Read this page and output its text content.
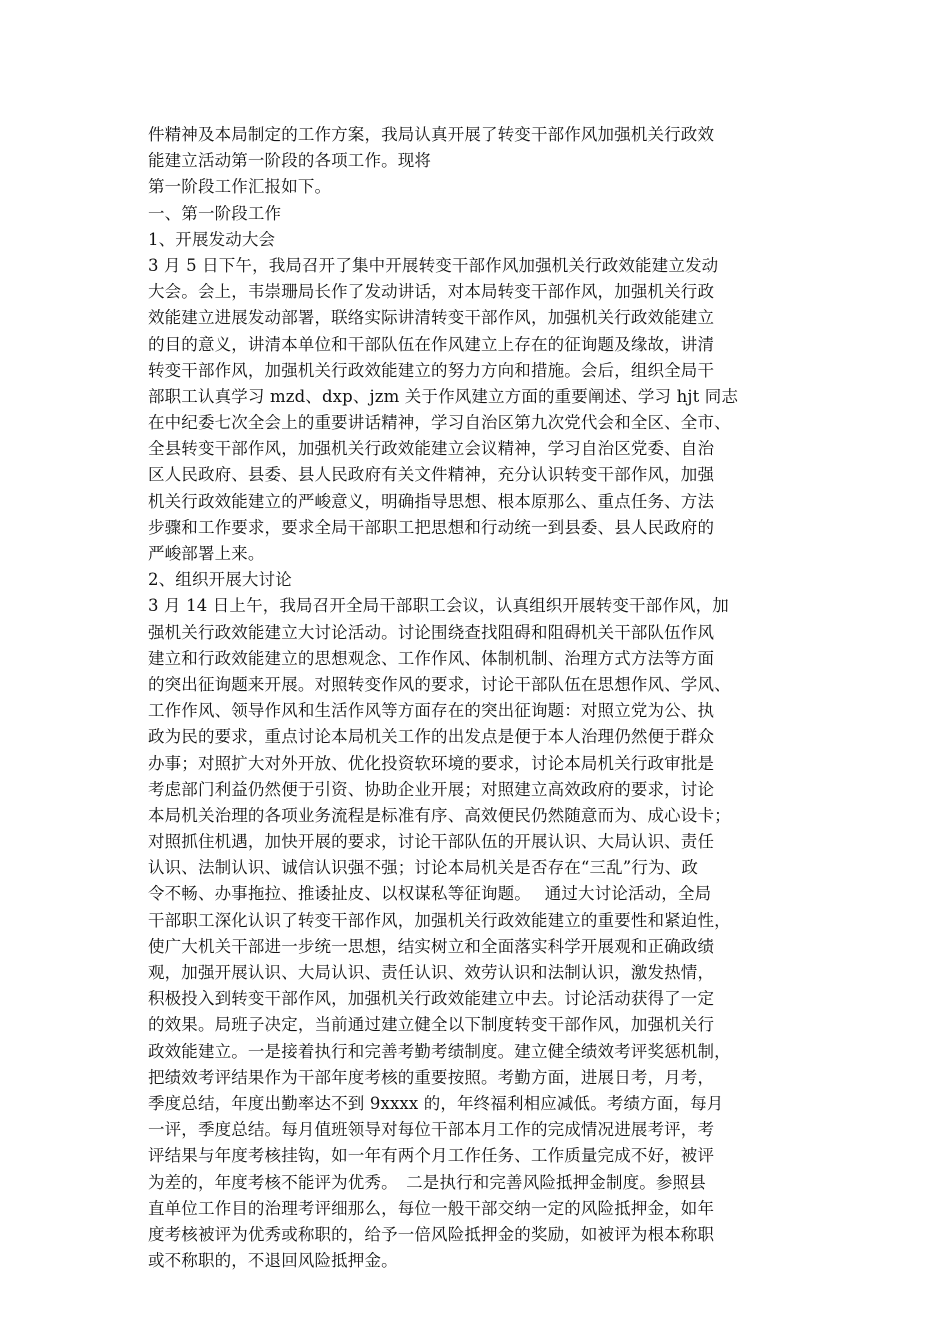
件精神及本局制定的工作方案，我局认真开展了转变干部作风加强机关行政效
能建立活动第一阶段的各项工作。现将
第一阶段工作汇报如下。
一、第一阶段工作
1、开展发动大会
3 月 5 日下午，我局召开了集中开展转变干部作风加强机关行政效能建立发动
大会。会上，韦崇珊局长作了发动讲话，对本局转变干部作风，加强机关行政
效能建立进展发动部署，联络实际讲清转变干部作风，加强机关行政效能建立
的目的意义，讲清本单位和干部队伍在作风建立上存在的征询题及缘故，讲清
转变干部作风，加强机关行政效能建立的努力方向和措施。会后，组织全局干
部职工认真学习 mzd、dxp、jzm 关于作风建立方面的重要阐述、学习 hjt 同志
在中纪委七次全会上的重要讲话精神，学习自治区第九次党代会和全区、全市、
全县转变干部作风，加强机关行政效能建立会议精神，学习自治区党委、自治
区人民政府、县委、县人民政府有关文件精神，充分认识转变干部作风，加强
机关行政效能建立的严峻意义，明确指导思想、根本原那么、重点任务、方法
步骤和工作要求，要求全局干部职工把思想和行动统一到县委、县人民政府的
严峻部署上来。
2、组织开展大讨论
3 月 14 日上午，我局召开全局干部职工会议，认真组织开展转变干部作风，加
强机关行政效能建立大讨论活动。讨论围绕查找阻碍和阻碍机关干部队伍作风
建立和行政效能建立的思想观念、工作作风、体制机制、治理方式方法等方面
的突出征询题来开展。对照转变作风的要求，讨论干部队伍在思想作风、学风、
工作作风、领导作风和生活作风等方面存在的突出征询题：对照立党为公、执
政为民的要求，重点讨论本局机关工作的出发点是便于本人治理仍然便于群众
办事；对照扩大对外开放、优化投资软环境的要求，讨论本局机关行政审批是
考虑部门利益仍然便于引资、协助企业开展；对照建立高效政府的要求，讨论
本局机关治理的各项业务流程是标准有序、高效便民仍然随意而为、成心设卡；
对照抓住机遇，加快开展的要求，讨论干部队伍的开展认识、大局认识、责任
认识、法制认识、诚信认识强不强；讨论本局机关是否存在“三乱”行为、政
令不畅、办事拖拉、推诿扯皮、以权谋私等征询题。　 通过大讨论活动，全局
干部职工深化认识了转变干部作风，加强机关行政效能建立的重要性和紧迫性，
使广大机关干部进一步统一思想，结实树立和全面落实科学开展观和正确政绩
观，加强开展认识、大局认识、责任认识、效劳认识和法制认识，激发热情，
积极投入到转变干部作风，加强机关行政效能建立中去。讨论活动获得了一定
的效果。局班子决定，当前通过建立健全以下制度转变干部作风，加强机关行
政效能建立。一是接着执行和完善考勤考绩制度。建立健全绩效考评奖惩机制，
把绩效考评结果作为干部年度考核的重要按照。考勤方面，进展日考，月考，
季度总结，年度出勤率达不到 9xxxx 的，年终福利相应减低。考绩方面，每月
一评，季度总结。每月值班领导对每位干部本月工作的完成情况进展考评，考
评结果与年度考核挂钩，如一年有两个月工作任务、工作质量完成不好，被评
为差的，年度考核不能评为优秀。　二是执行和完善风险抵押金制度。参照县
直单位工作目的治理考评细那么，每位一般干部交纳一定的风险抵押金，如年
度考核被评为优秀或称职的，给予一倍风险抵押金的奖励，如被评为根本称职
或不称职的，不退回风险抵押金。
